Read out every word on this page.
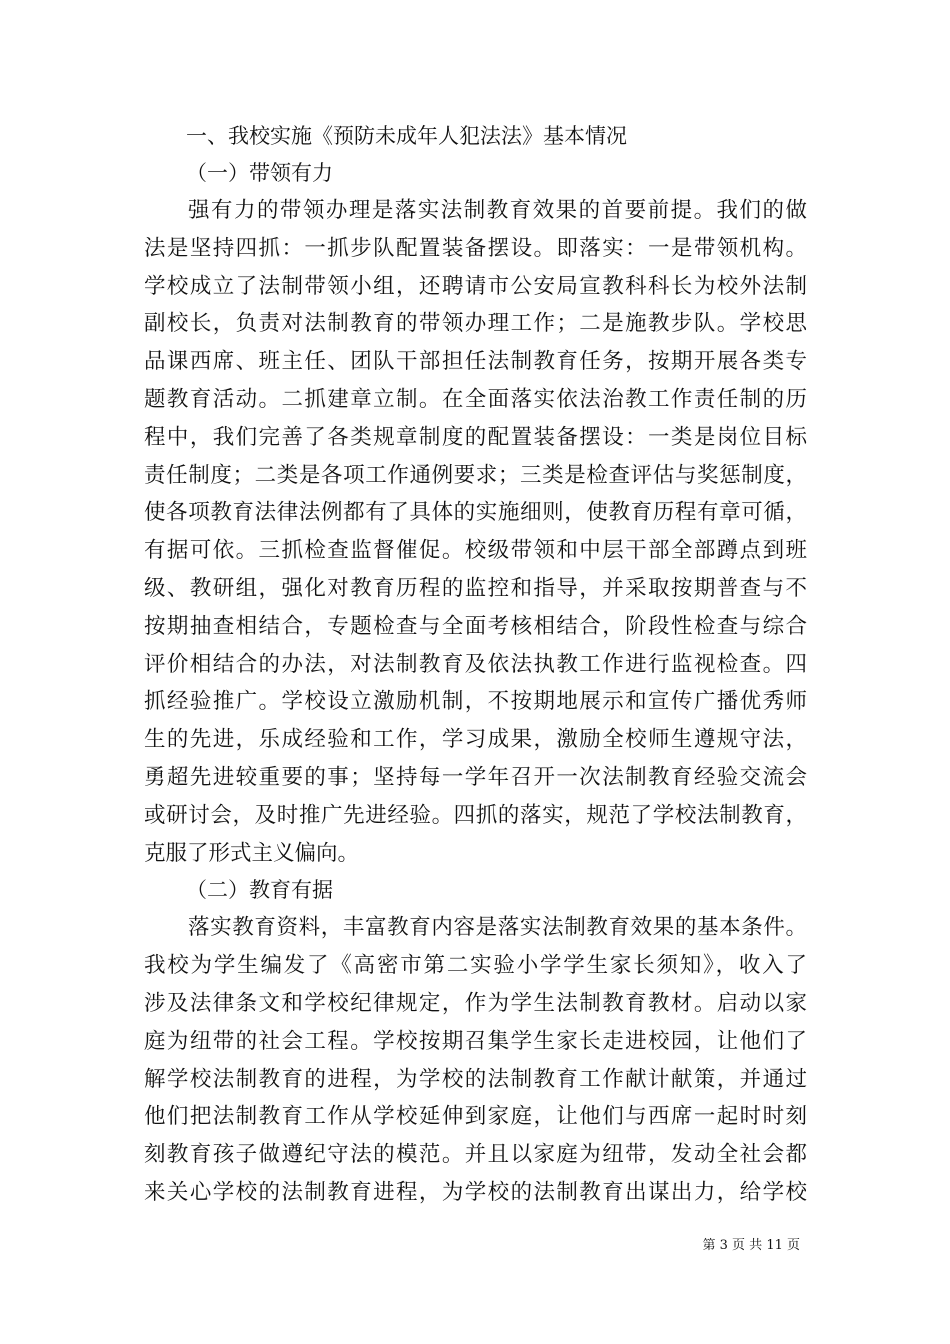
一、我校实施《预防未成年人犯法法》基本情况
（一）带领有力
强有力的带领办理是落实法制教育效果的首要前提。我们的做
法是坚持四抓：一抓步队配置装备摆设。即落实：一是带领机构。
学校成立了法制带领小组，还聘请市公安局宣教科科长为校外法制
副校长，负责对法制教育的带领办理工作；二是施教步队。学校思
品课西席、班主任、团队干部担任法制教育任务，按期开展各类专
题教育活动。二抓建章立制。在全面落实依法治教工作责任制的历
程中，我们完善了各类规章制度的配置装备摆设：一类是岗位目标
责任制度；二类是各项工作通例要求；三类是检查评估与奖惩制度，
使各项教育法律法例都有了具体的实施细则，使教育历程有章可循，
有据可依。三抓检查监督催促。校级带领和中层干部全部蹲点到班
级、教研组，强化对教育历程的监控和指导，并采取按期普查与不
按期抽查相结合，专题检查与全面考核相结合，阶段性检查与综合
评价相结合的办法，对法制教育及依法执教工作进行监视检查。四
抓经验推广。学校设立激励机制，不按期地展示和宣传广播优秀师
生的先进，乐成经验和工作，学习成果，激励全校师生遵规守法，
勇超先进较重要的事；坚持每一学年召开一次法制教育经验交流会
或研讨会，及时推广先进经验。四抓的落实，规范了学校法制教育，
克服了形式主义偏向。
（二）教育有据
落实教育资料，丰富教育内容是落实法制教育效果的基本条件。
我校为学生编发了《高密市第二实验小学学生家长须知》，收入了
涉及法律条文和学校纪律规定，作为学生法制教育教材。启动以家
庭为纽带的社会工程。学校按期召集学生家长走进校园，让他们了
解学校法制教育的进程，为学校的法制教育工作献计献策，并通过
他们把法制教育工作从学校延伸到家庭，让他们与西席一起时时刻
刻教育孩子做遵纪守法的模范。并且以家庭为纽带，发动全社会都
来关心学校的法制教育进程，为学校的法制教育出谋出力，给学校
第 3 页 共 11 页
